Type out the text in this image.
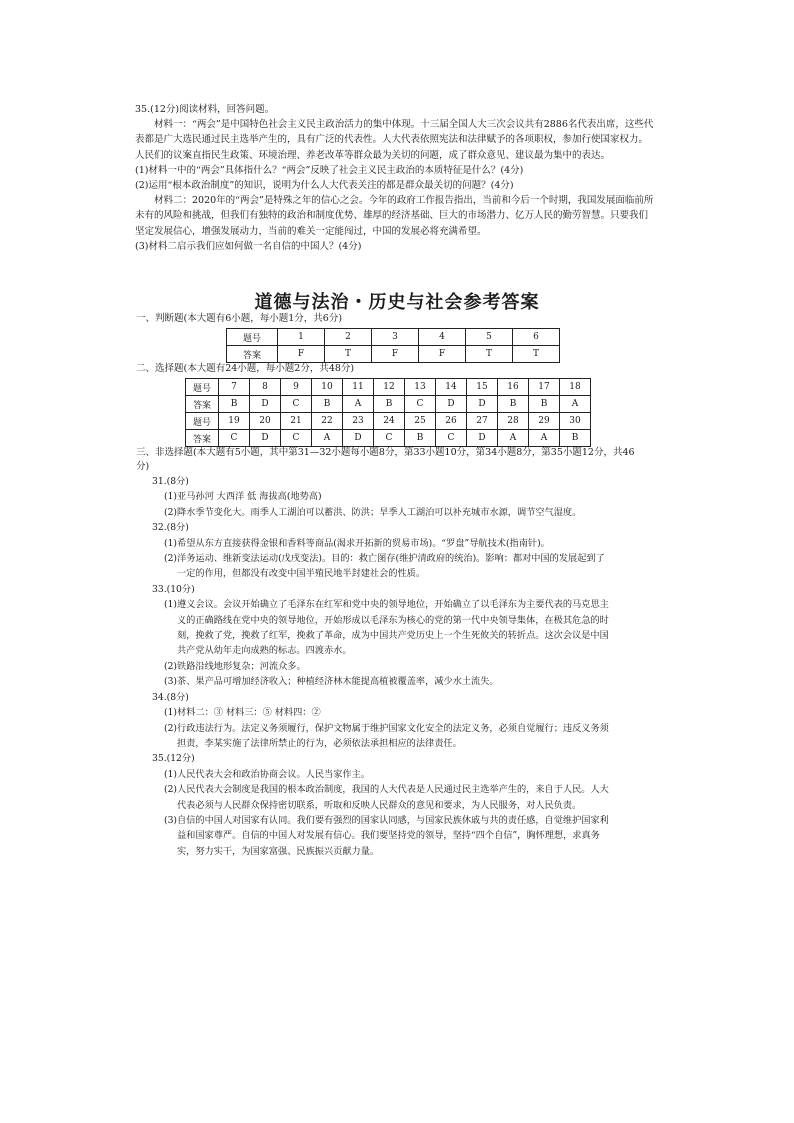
35.(12分)阅读材料，回答问题。

材料一：“两会”是中国特色社会主义民主政治活力的集中体现。十三届全国人大三次会议共有2886名代表出席，这些代表都是广大选民通过民主选举产生的，具有广泛的代表性。人大代表依照宪法和法律赋予的各项职权，参加行使国家权力。人民们的议案直指民生政策、环境治理、养老改革等群众最为关切的问题，成了群众意见、建议最为集中的表达。

(1)材料一中的“两会”具体指什么？“两会”反映了社会主义民主政治的本质特征是什么？(4分)

(2)运用“根本政治制度”的知识，说明为什么人大代表关注的都是群众最关切的问题？(4分)

材料二：2020年的“两会”是特殊之年的信心之会。今年的政府工作报告指出，当前和今后一个时期，我国发展面临前所未有的风险和挑战，但我们有独特的政治和制度优势、雄厚的经济基础、巨大的市场潜力、亿万人民的勤劳智慧。只要我们坚定发展信心，增强发展动力，当前的难关一定能闯过，中国的发展必将充满希望。

(3)材料二启示我们应如何做一名自信的中国人？(4分)

道德与法治・历史与社会参考答案
一、判断题(本大题有6小题，每小题1分，共6分)
题号	1	2	3	4	5	6
答案	F	T	F	F	T	T
二、选择题(本大题有24小题，每小题2分，共48分)
题号	7	8	9	10	11	12	13	14	15	16	17	18
答案	B	D	C	B	A	B	C	D	D	B	B	A
题号	19	20	21	22	23	24	25	26	27	28	29	30
答案	C	D	C	A	D	C	B	C	D	A	A	B
三、非选择题(本大题有5小题，其中第31—32小题每小题8分，第33小题10分，第34小题8分，第35小题12分，共46分)

31.(8分)

(1)亚马孙河 大西洋 低 海拔高(地势高)

(2)降水季节变化大。雨季人工湖泊可以蓄洪、防洪；旱季人工湖泊可以补充城市水源，调节空气湿度。

32.(8分)

(1)希望从东方直接获得金银和香料等商品(渴求开拓新的贸易市场)。“罗盘”导航技术(指南针)。

(2)洋务运动、维新变法运动(戊戌变法)。目的：救亡图存(维护清政府的统治)。影响：都对中国的发展起到了一定的作用，但都没有改变中国半殖民地半封建社会的性质。

33.(10分)

(1)遵义会议。会议开始确立了毛泽东在红军和党中央的领导地位，开始确立了以毛泽东为主要代表的马克思主义的正确路线在党中央的领导地位，开始形成以毛泽东为核心的党的第一代中央领导集体，在极其危急的时刻，挽救了党，挽救了红军，挽救了革命，成为中国共产党历史上一个生死攸关的转折点。这次会议是中国共产党从幼年走向成熟的标志。四渡赤水。

(2)铁路沿线地形复杂；河流众多。

(3)茶、果产品可增加经济收入；种植经济林木能提高植被覆盖率，减少水土流失。

34.(8分)

(1)材料二：③ 材料三：⑤ 材料四：②

(2)行政违法行为。法定义务须履行，保护文物属于维护国家文化安全的法定义务，必须自觉履行；违反义务须担责，李某实施了法律所禁止的行为，必须依法承担相应的法律责任。

35.(12分)

(1)人民代表大会和政治协商会议。人民当家作主。

(2)人民代表大会制度是我国的根本政治制度，我国的人大代表是人民通过民主选举产生的，来自于人民。人大代表必须与人民群众保持密切联系，听取和反映人民群众的意见和要求，为人民服务，对人民负责。

(3)自信的中国人对国家有认同。我们要有强烈的国家认同感，与国家民族休戚与共的责任感，自觉维护国家利益和国家尊严。自信的中国人对发展有信心。我们要坚持党的领导，坚持“四个自信”，胸怀理想，求真务实，努力实干，为国家富强、民族振兴贡献力量。
